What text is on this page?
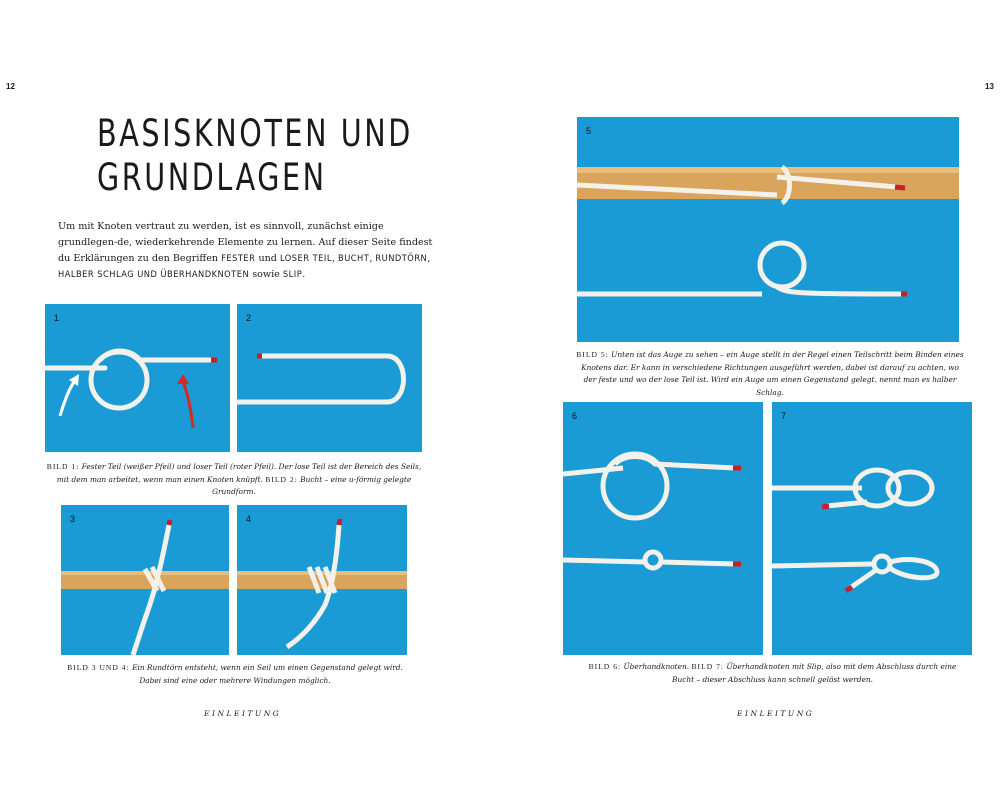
12
BASISKNOTEN UND
GRUNDLAGEN

Um mit Knoten vertraut zu werden, ist es sinnvoll, zunächst einige grundlegen-de, wiederkehrende Elemente zu lernen. Auf dieser Seite findest du Erklärungen zu den Begriffen FESTER und LOSER TEIL, BUCHT, RUNDTÖRN, HALBER SCHLAG UND ÜBERHANDKNOTEN sowie SLIP.

1	2
BILD 1: Fester Teil (weißer Pfeil) und loser Teil (roter Pfeil). Der lose Teil ist der Bereich des Seils, mit dem man arbeitet, wenn man einen Knoten knüpft. BILD 2: Bucht – eine u-förmig gelegte Grundform.
3	4
BILD 3 UND 4: Ein Rundtörn entsteht, wenn ein Seil um einen Gegenstand gelegt wird. Dabei sind eine oder mehrere Windungen möglich.
EINLEITUNG
13
5
BILD 5: Unten ist das Auge zu sehen – ein Auge stellt in der Regel einen Teilschritt beim Binden eines Knotens dar. Er kann in verschiedene Richtungen ausgeführt werden, dabei ist darauf zu achten, wo der feste und wo der lose Teil ist. Wird ein Auge um einen Gegenstand gelegt, nennt man es halber Schlag.
6	7
BILD 6: Überhandknoten. BILD 7: Überhandknoten mit Slip, also mit dem Abschluss durch eine Bucht – dieser Abschluss kann schnell gelöst werden.
EINLEITUNG
